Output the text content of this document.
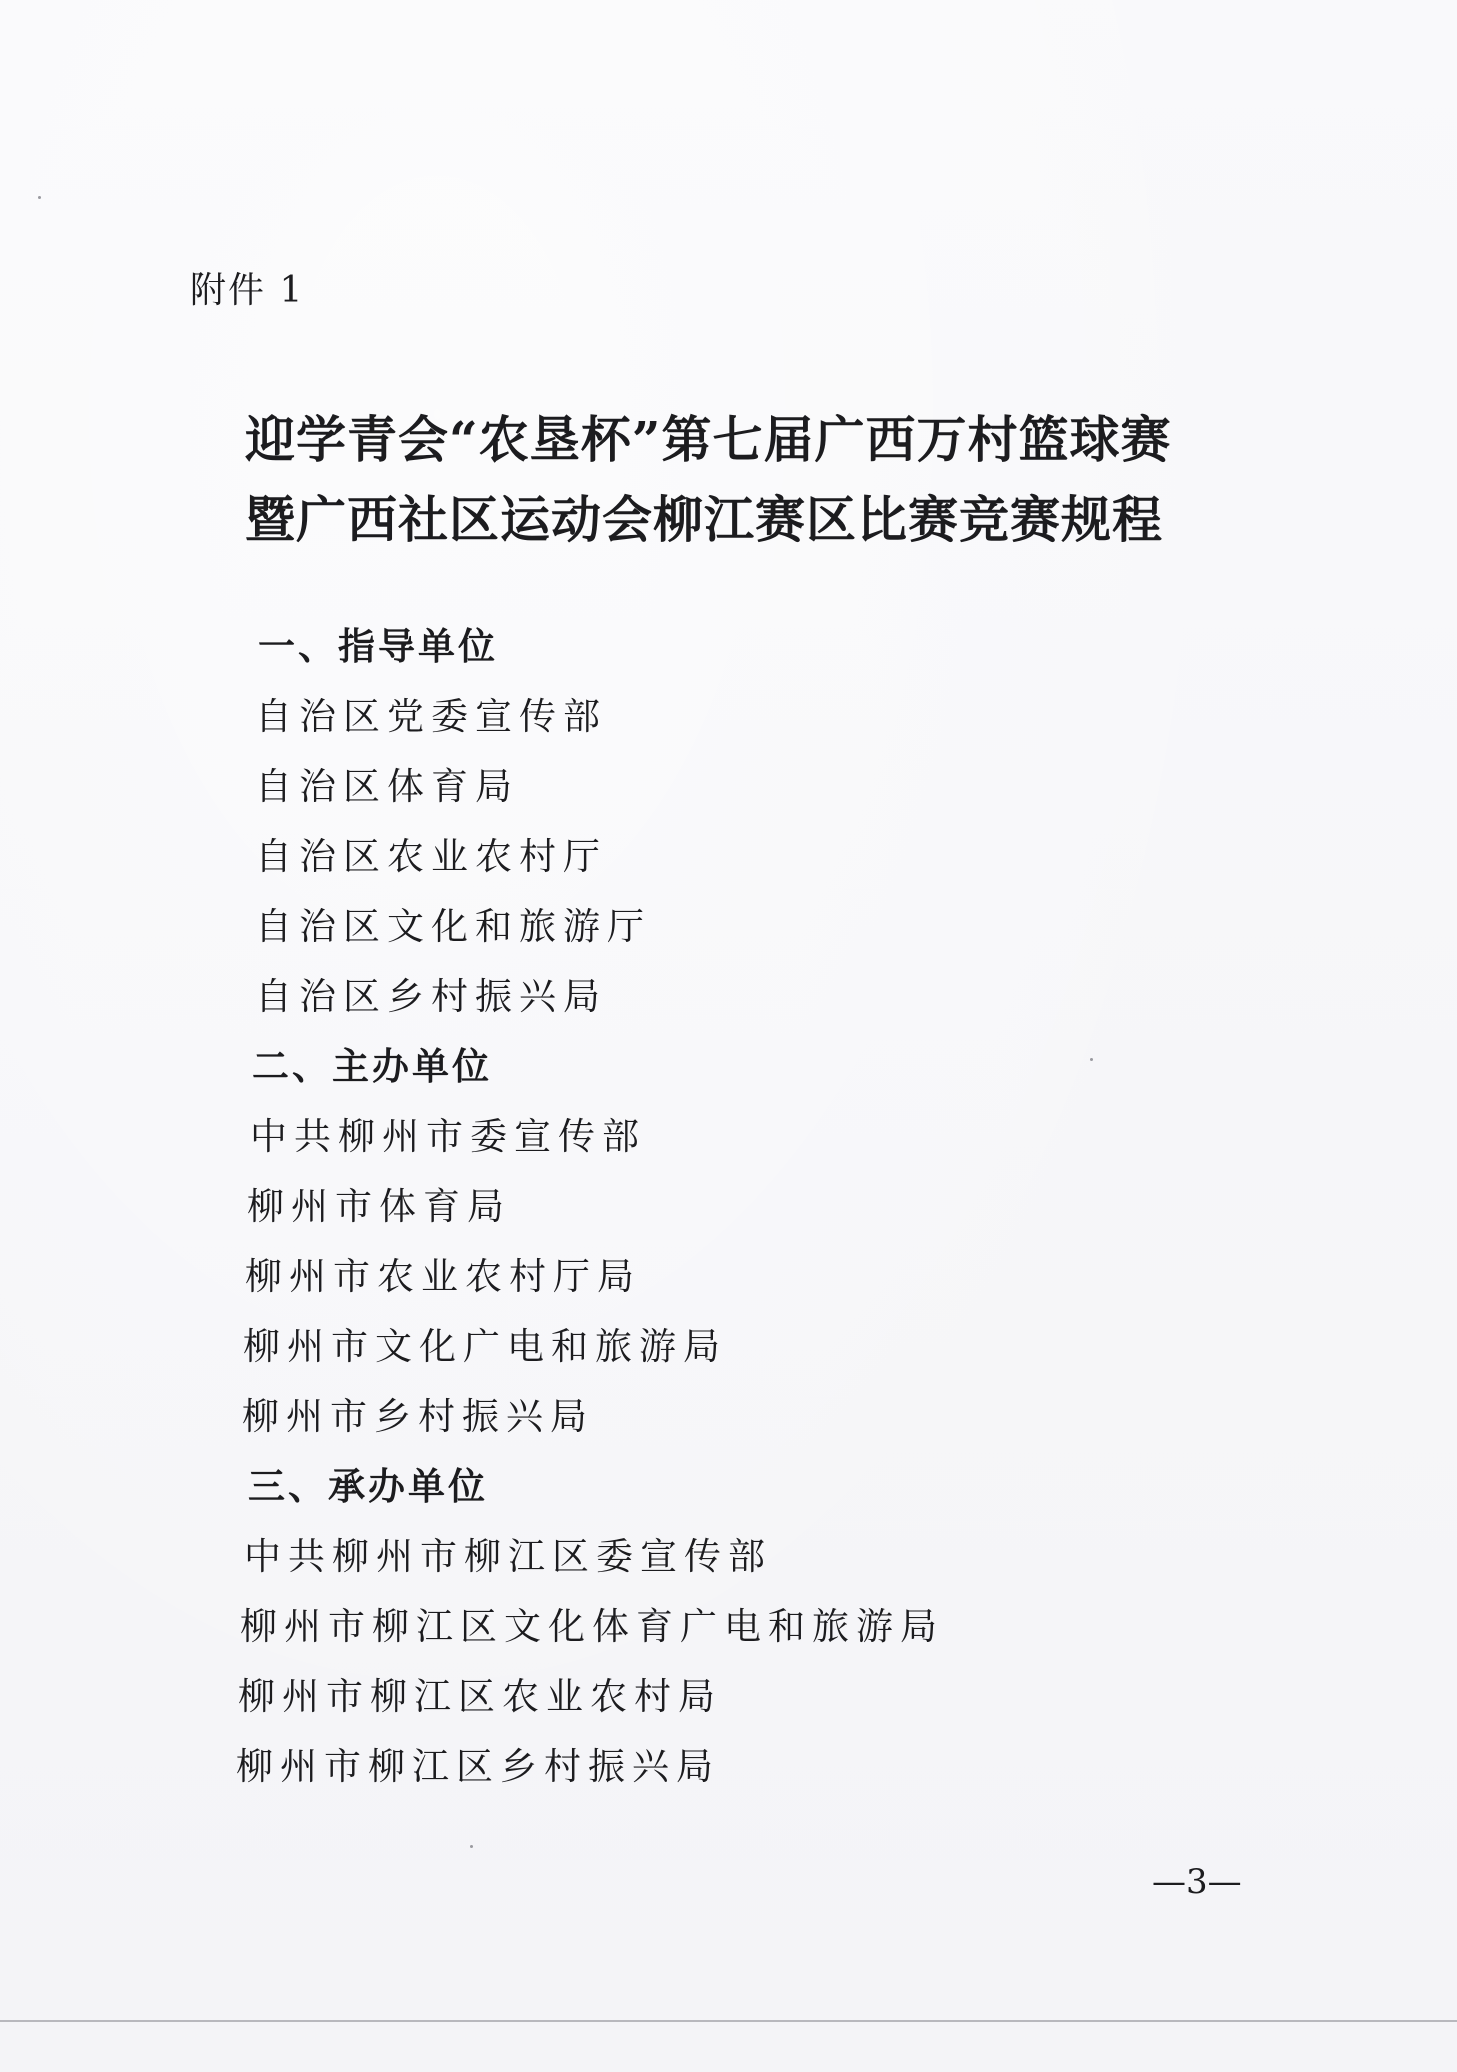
附件 1
迎学青会“农垦杯”第七届广西万村篮球赛
暨广西社区运动会柳江赛区比赛竞赛规程
一、指导单位
自治区党委宣传部
自治区体育局
自治区农业农村厅
自治区文化和旅游厅
自治区乡村振兴局
二、主办单位
中共柳州市委宣传部
柳州市体育局
柳州市农业农村厅局
柳州市文化广电和旅游局
柳州市乡村振兴局
三、承办单位
中共柳州市柳江区委宣传部
柳州市柳江区文化体育广电和旅游局
柳州市柳江区农业农村局
柳州市柳江区乡村振兴局
—3—
